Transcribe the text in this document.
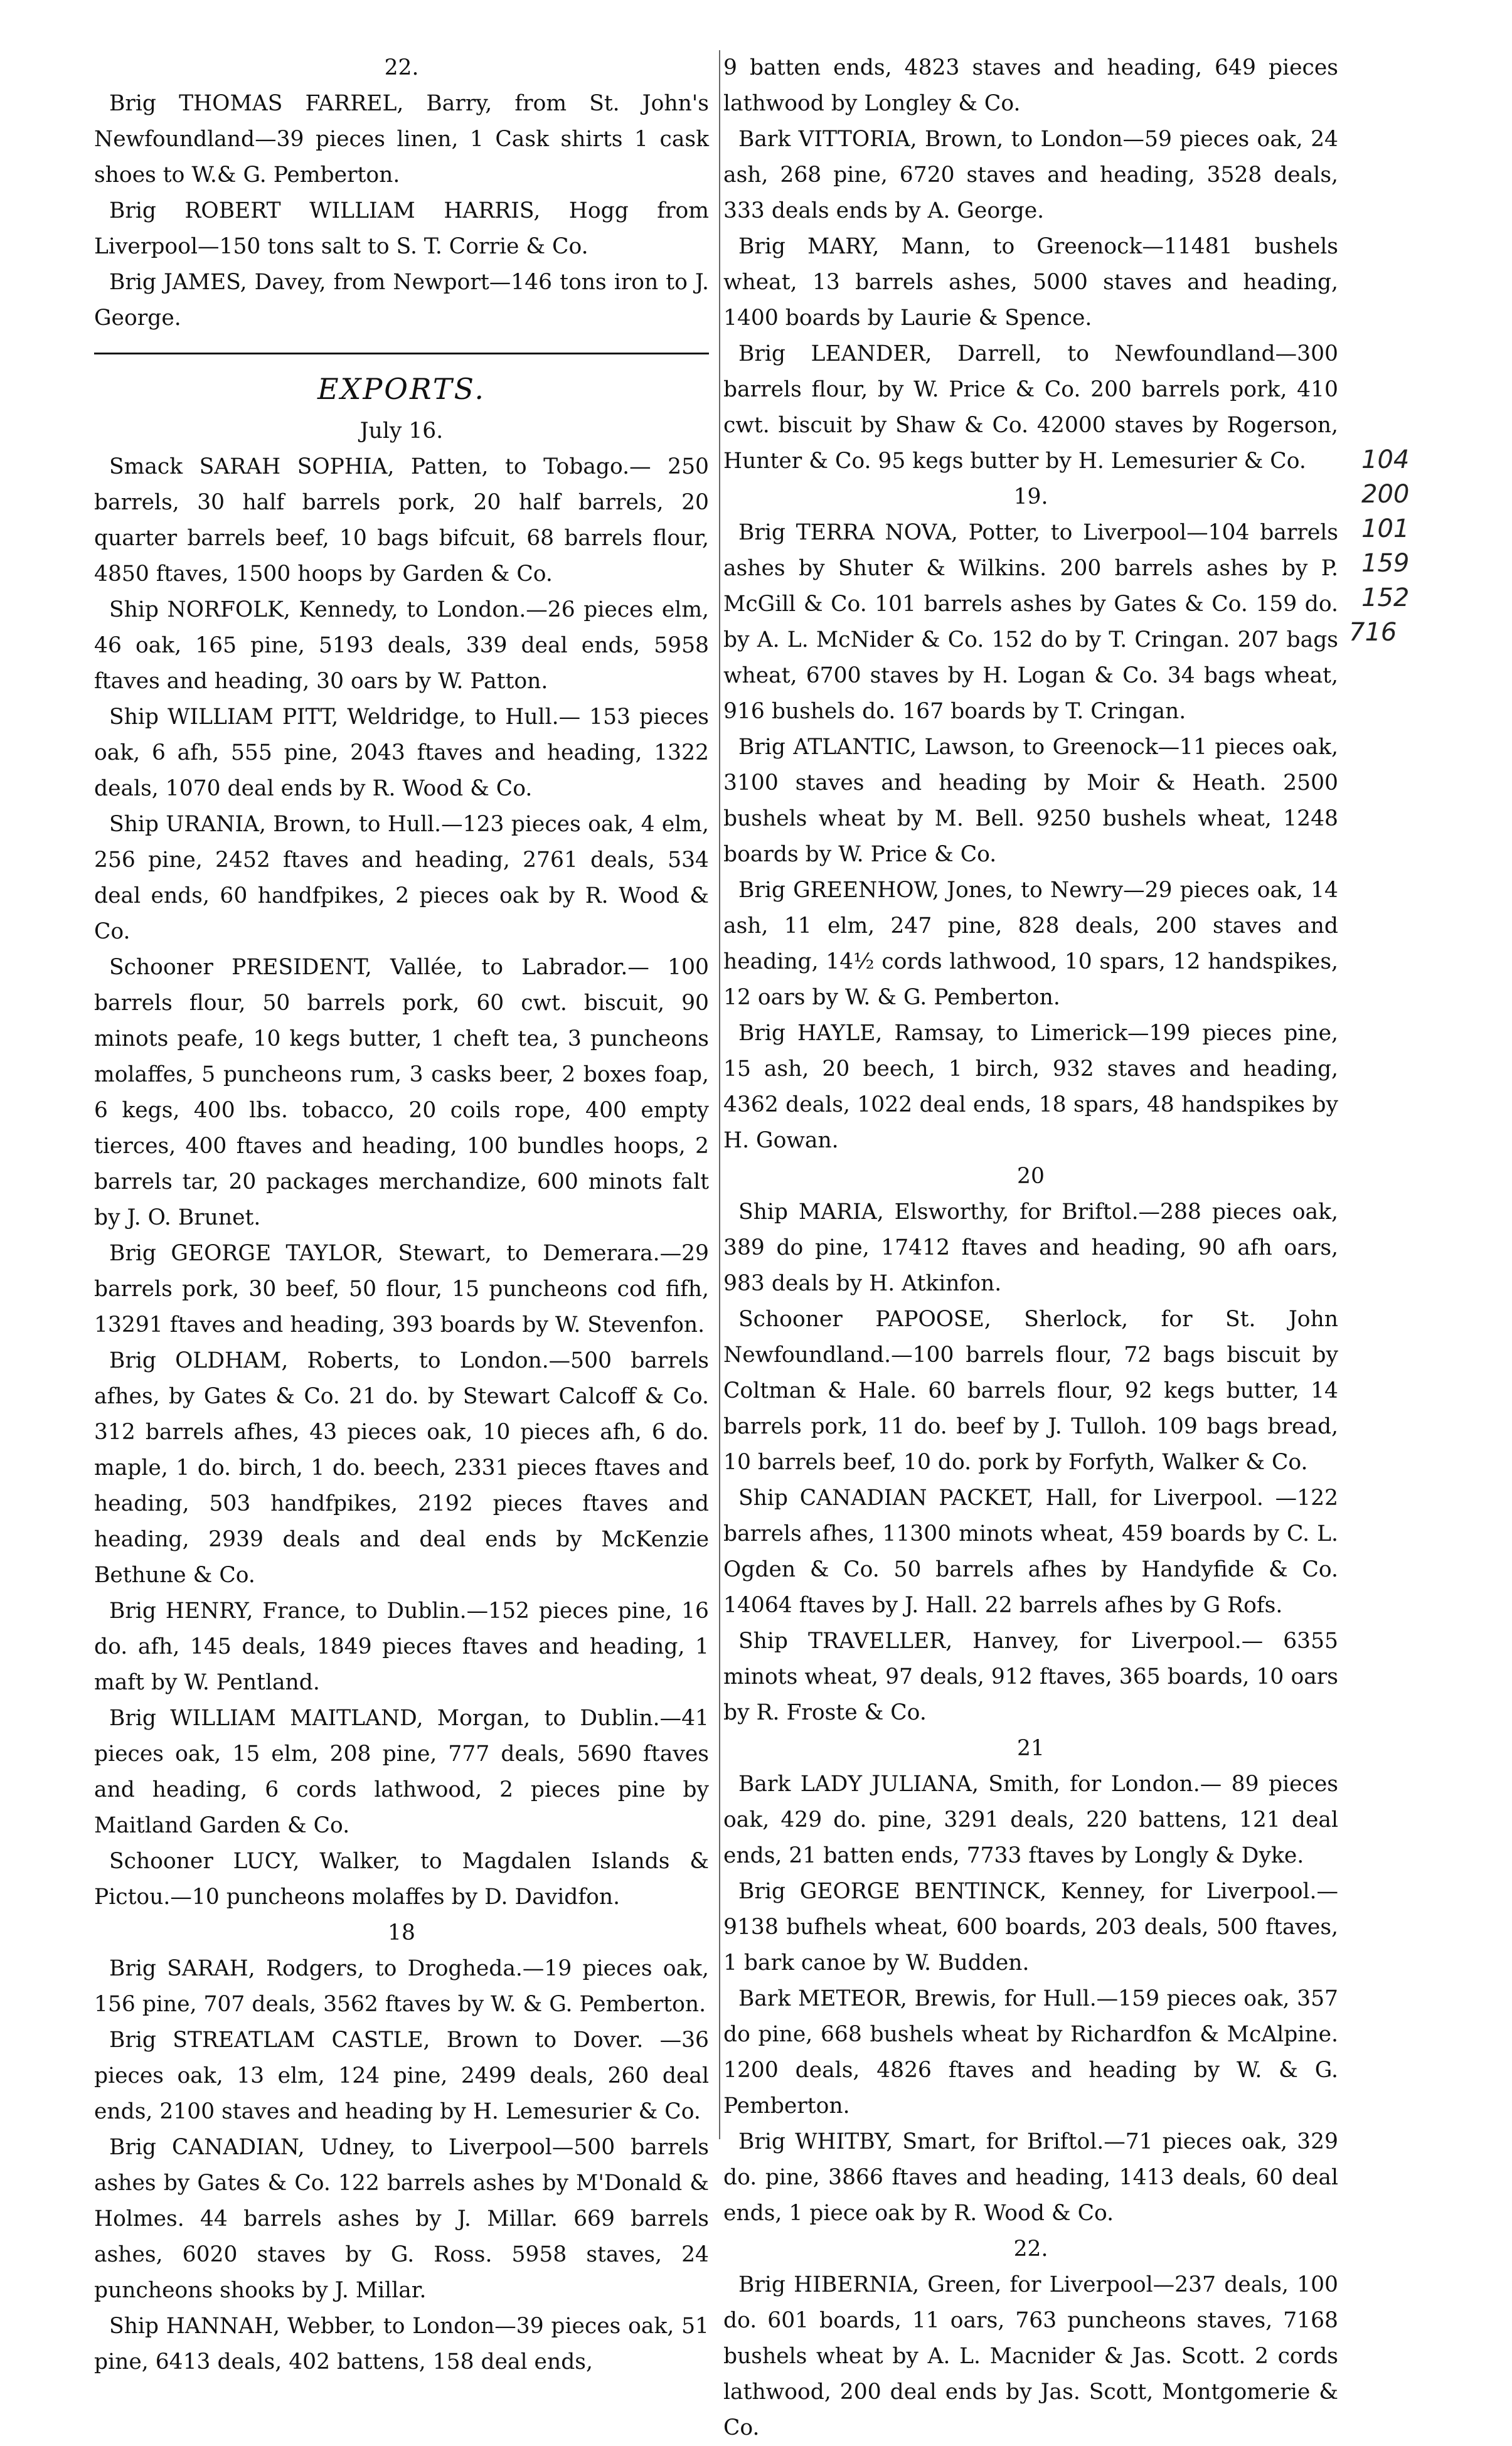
22.

Brig THOMAS FARREL, Barry, from St. John's Newfoundland—39 pieces linen, 1 Cask shirts 1 cask shoes to W.& G. Pemberton.

Brig ROBERT WILLIAM HARRIS, Hogg from Liverpool—150 tons salt to S. T. Corrie & Co.

Brig JAMES, Davey, from Newport—146 tons iron to J. George.

EXPORTS.

July 16.

Smack SARAH SOPHIA, Patten, to Tobago.— 250 barrels, 30 half barrels pork, 20 half barrels, 20 quarter barrels beef, 10 bags bifcuit, 68 barrels flour, 4850 ftaves, 1500 hoops by Garden & Co.

Ship NORFOLK, Kennedy, to London.—26 pieces elm, 46 oak, 165 pine, 5193 deals, 339 deal ends, 5958 ftaves and heading, 30 oars by W. Patton.

Ship WILLIAM PITT, Weldridge, to Hull.— 153 pieces oak, 6 afh, 555 pine, 2043 ftaves and heading, 1322 deals, 1070 deal ends by R. Wood & Co.

Ship URANIA, Brown, to Hull.—123 pieces oak, 4 elm, 256 pine, 2452 ftaves and heading, 2761 deals, 534 deal ends, 60 handfpikes, 2 pieces oak by R. Wood & Co.

Schooner PRESIDENT, Vallée, to Labrador.— 100 barrels flour, 50 barrels pork, 60 cwt. biscuit, 90 minots peafe, 10 kegs butter, 1 cheft tea, 3 puncheons molaffes, 5 puncheons rum, 3 casks beer, 2 boxes foap, 6 kegs, 400 lbs. tobacco, 20 coils rope, 400 empty tierces, 400 ftaves and heading, 100 bundles hoops, 2 barrels tar, 20 packages merchandize, 600 minots falt by J. O. Brunet.

Brig GEORGE TAYLOR, Stewart, to Demerara.—29 barrels pork, 30 beef, 50 flour, 15 puncheons cod fifh, 13291 ftaves and heading, 393 boards by W. Stevenfon.

Brig OLDHAM, Roberts, to London.—500 barrels afhes, by Gates & Co. 21 do. by Stewart Calcoff & Co. 312 barrels afhes, 43 pieces oak, 10 pieces afh, 6 do. maple, 1 do. birch, 1 do. beech, 2331 pieces ftaves and heading, 503 handfpikes, 2192 pieces ftaves and heading, 2939 deals and deal ends by McKenzie Bethune & Co.

Brig HENRY, France, to Dublin.—152 pieces pine, 16 do. afh, 145 deals, 1849 pieces ftaves and heading, 1 maft by W. Pentland.

Brig WILLIAM MAITLAND, Morgan, to Dublin.—41 pieces oak, 15 elm, 208 pine, 777 deals, 5690 ftaves and heading, 6 cords lathwood, 2 pieces pine by Maitland Garden & Co.

Schooner LUCY, Walker, to Magdalen Islands & Pictou.—10 puncheons molaffes by D. Davidfon.

18

Brig SARAH, Rodgers, to Drogheda.—19 pieces oak, 156 pine, 707 deals, 3562 ftaves by W. & G. Pemberton.

Brig STREATLAM CASTLE, Brown to Dover. —36 pieces oak, 13 elm, 124 pine, 2499 deals, 260 deal ends, 2100 staves and heading by H. Lemesurier & Co.

Brig CANADIAN, Udney, to Liverpool—500 barrels ashes by Gates & Co. 122 barrels ashes by M'Donald & Holmes. 44 barrels ashes by J. Millar. 669 barrels ashes, 6020 staves by G. Ross. 5958 staves, 24 puncheons shooks by J. Millar.

Ship HANNAH, Webber, to London—39 pieces oak, 51 pine, 6413 deals, 402 battens, 158 deal ends,

9 batten ends, 4823 staves and heading, 649 pieces lathwood by Longley & Co.

Bark VITTORIA, Brown, to London—59 pieces oak, 24 ash, 268 pine, 6720 staves and heading, 3528 deals, 333 deals ends by A. George.

Brig MARY, Mann, to Greenock—11481 bushels wheat, 13 barrels ashes, 5000 staves and heading, 1400 boards by Laurie & Spence.

Brig LEANDER, Darrell, to Newfoundland—300 barrels flour, by W. Price & Co. 200 barrels pork, 410 cwt. biscuit by Shaw & Co. 42000 staves by Rogerson, Hunter & Co. 95 kegs butter by H. Lemesurier & Co.

19.

Brig TERRA NOVA, Potter, to Liverpool—104 barrels ashes by Shuter & Wilkins. 200 barrels ashes by P. McGill & Co. 101 barrels ashes by Gates & Co. 159 do. by A. L. McNider & Co. 152 do by T. Cringan. 207 bags wheat, 6700 staves by H. Logan & Co. 34 bags wheat, 916 bushels do. 167 boards by T. Cringan.

Brig ATLANTIC, Lawson, to Greenock—11 pieces oak, 3100 staves and heading by Moir & Heath. 2500 bushels wheat by M. Bell. 9250 bushels wheat, 1248 boards by W. Price & Co.

Brig GREENHOW, Jones, to Newry—29 pieces oak, 14 ash, 11 elm, 247 pine, 828 deals, 200 staves and heading, 14½ cords lathwood, 10 spars, 12 handspikes, 12 oars by W. & G. Pemberton.

Brig HAYLE, Ramsay, to Limerick—199 pieces pine, 15 ash, 20 beech, 1 birch, 932 staves and heading, 4362 deals, 1022 deal ends, 18 spars, 48 handspikes by H. Gowan.

20

Ship MARIA, Elsworthy, for Briftol.—288 pieces oak, 389 do pine, 17412 ftaves and heading, 90 afh oars, 983 deals by H. Atkinfon.

Schooner PAPOOSE, Sherlock, for St. John Newfoundland.—100 barrels flour, 72 bags biscuit by Coltman & Hale. 60 barrels flour, 92 kegs butter, 14 barrels pork, 11 do. beef by J. Tulloh. 109 bags bread, 10 barrels beef, 10 do. pork by Forfyth, Walker & Co.

Ship CANADIAN PACKET, Hall, for Liverpool. —122 barrels afhes, 11300 minots wheat, 459 boards by C. L. Ogden & Co. 50 barrels afhes by Handyfide & Co. 14064 ftaves by J. Hall. 22 barrels afhes by G Rofs.

Ship TRAVELLER, Hanvey, for Liverpool.— 6355 minots wheat, 97 deals, 912 ftaves, 365 boards, 10 oars by R. Froste & Co.

21

Bark LADY JULIANA, Smith, for London.— 89 pieces oak, 429 do. pine, 3291 deals, 220 battens, 121 deal ends, 21 batten ends, 7733 ftaves by Longly & Dyke.

Brig GEORGE BENTINCK, Kenney, for Liverpool.—9138 bufhels wheat, 600 boards, 203 deals, 500 ftaves, 1 bark canoe by W. Budden.

Bark METEOR, Brewis, for Hull.—159 pieces oak, 357 do pine, 668 bushels wheat by Richardfon & McAlpine. 1200 deals, 4826 ftaves and heading by W. & G. Pemberton.

Brig WHITBY, Smart, for Briftol.—71 pieces oak, 329 do. pine, 3866 ftaves and heading, 1413 deals, 60 deal ends, 1 piece oak by R. Wood & Co.

22.

Brig HIBERNIA, Green, for Liverpool—237 deals, 100 do. 601 boards, 11 oars, 763 puncheons staves, 7168 bushels wheat by A. L. Macnider & Jas. Scott. 2 cords lathwood, 200 deal ends by Jas. Scott, Montgomerie & Co.

104
200
101
159
152
716
